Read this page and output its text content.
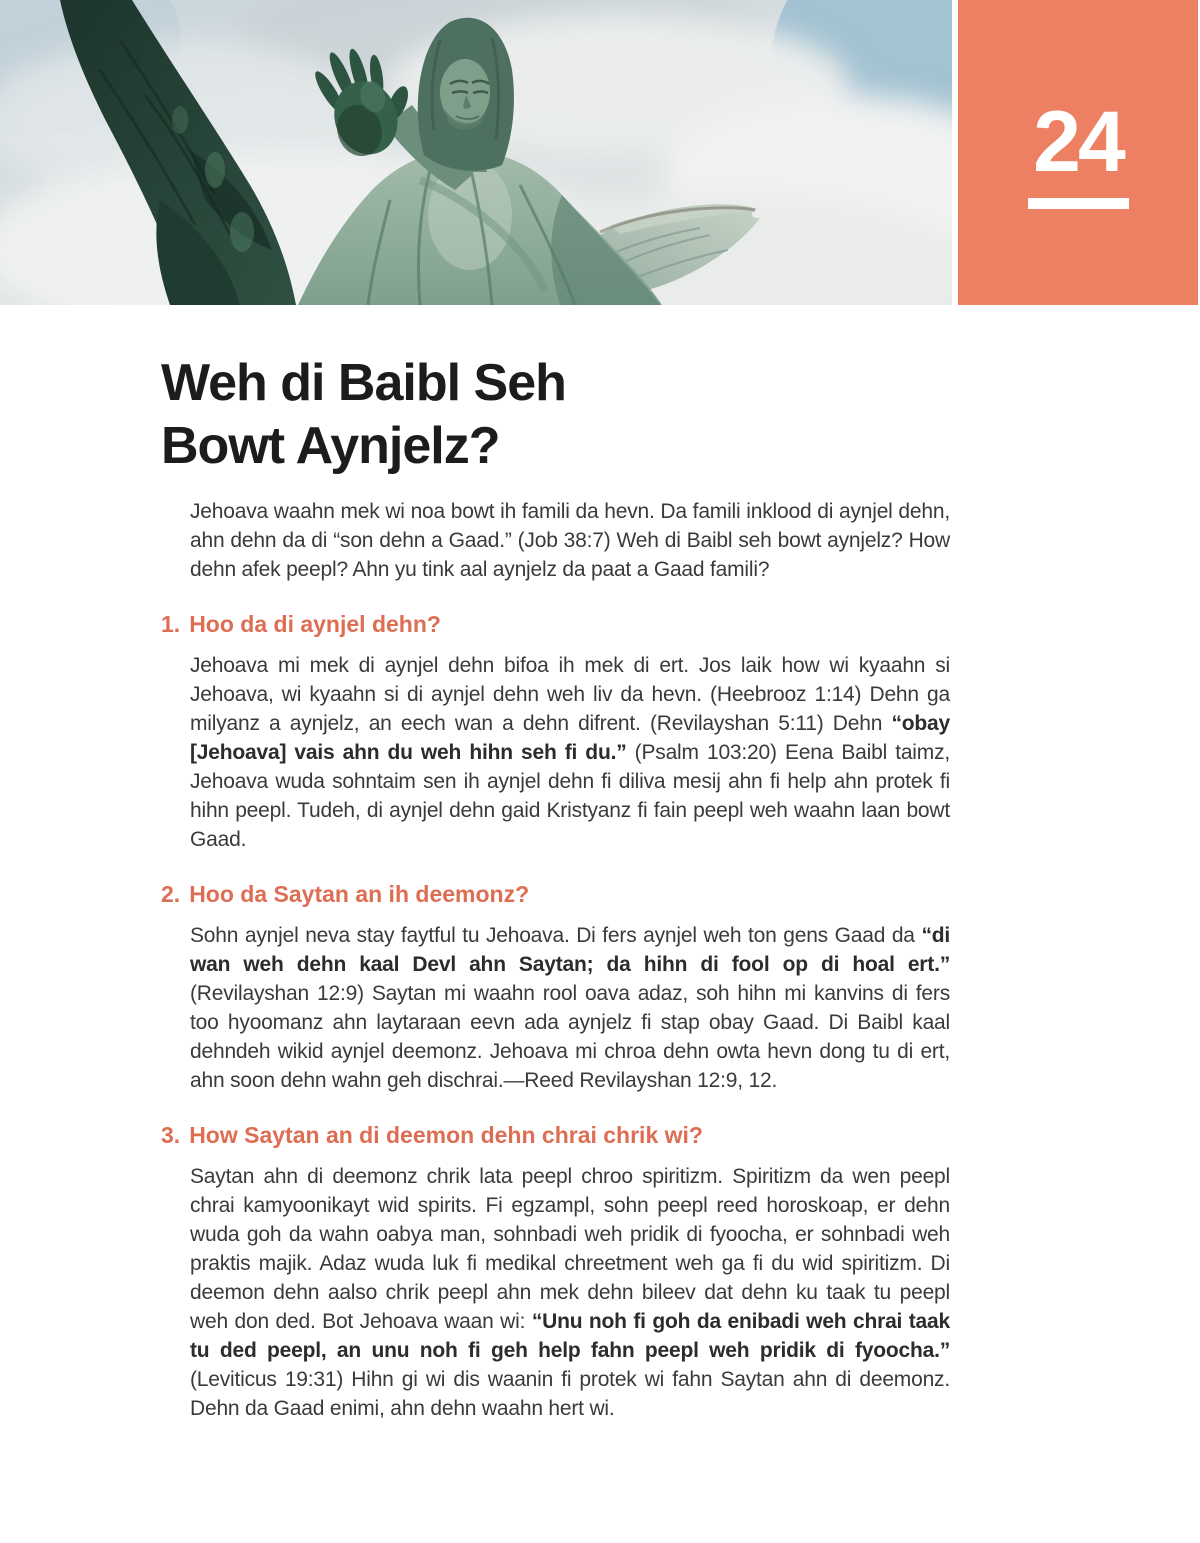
24
Weh di Baibl Seh
Bowt Aynjelz?

Jehoava waahn mek wi noa bowt ih famili da hevn. Da famili inklood di aynjel dehn, ahn dehn da di “son dehn a Gaad.” (Job 38:7) Weh di Baibl seh bowt aynjelz? How dehn afek peepl? Ahn yu tink aal aynjelz da paat a Gaad famili?

1. Hoo da di aynjel dehn?

Jehoava mi mek di aynjel dehn bifoa ih mek di ert. Jos laik how wi kyaahn si Jehoava, wi kyaahn si di aynjel dehn weh liv da hevn. (Heebrooz 1:14) Dehn ga milyanz a aynjelz, an eech wan a dehn difrent. (Revilayshan 5:11) Dehn “obay [Jehoava] vais ahn du weh hihn seh fi du.” (Psalm 103:20) Eena Baibl taimz, Jehoava wuda sohntaim sen ih aynjel dehn fi diliva mesij ahn fi help ahn protek fi hihn peepl. Tudeh, di aynjel dehn gaid Kristyanz fi fain peepl weh waahn laan bowt Gaad.

2. Hoo da Saytan an ih deemonz?

Sohn aynjel neva stay faytful tu Jehoava. Di fers aynjel weh ton gens Gaad da “di wan weh dehn kaal Devl ahn Saytan; da hihn di fool op di hoal ert.” (Revilayshan 12:9) Saytan mi waahn rool oava adaz, soh hihn mi kanvins di fers too hyoomanz ahn laytaraan eevn ada aynjelz fi stap obay Gaad. Di Baibl kaal dehndeh wikid aynjel deemonz. Jehoava mi chroa dehn owta hevn dong tu di ert, ahn soon dehn wahn geh dischrai.—Reed Revilayshan 12:9, 12.

3. How Saytan an di deemon dehn chrai chrik wi?

Saytan ahn di deemonz chrik lata peepl chroo spiritizm. Spiritizm da wen peepl chrai kamyoonikayt wid spirits. Fi egzampl, sohn peepl reed horoskoap, er dehn wuda goh da wahn oabya man, sohnbadi weh pridik di fyoocha, er sohnbadi weh praktis majik. Adaz wuda luk fi medikal chreetment weh ga fi du wid spiritizm. Di deemon dehn aalso chrik peepl ahn mek dehn bileev dat dehn ku taak tu peepl weh don ded. Bot Jehoava waan wi: “Unu noh fi goh da enibadi weh chrai taak tu ded peepl, an unu noh fi geh help fahn peepl weh pridik di fyoocha.” (Leviticus 19:31) Hihn gi wi dis waanin fi protek wi fahn Saytan ahn di deemonz. Dehn da Gaad enimi, ahn dehn waahn hert wi.
